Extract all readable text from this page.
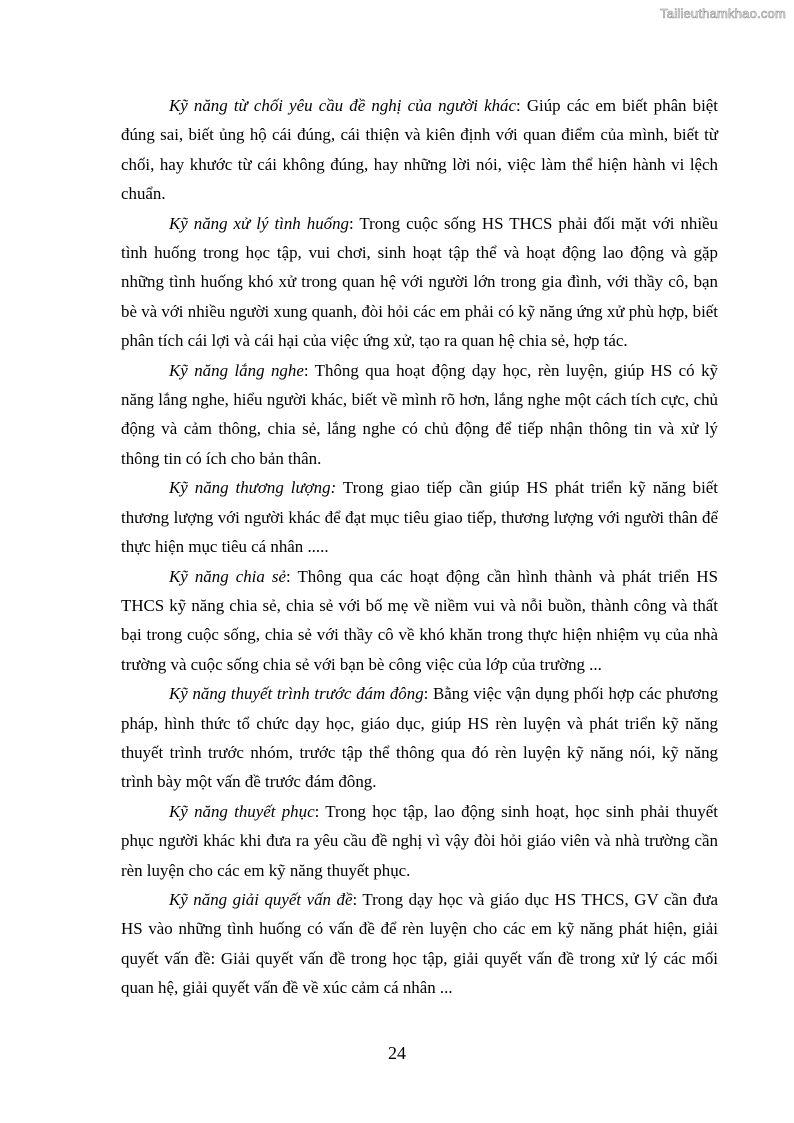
Tailieuthamkhao.com

Kỹ năng từ chối yêu cầu đề nghị của người khác: Giúp các em biết phân biệt đúng sai, biết ủng hộ cái đúng, cái thiện và kiên định với quan điểm của mình, biết từ chối, hay khước từ cái không đúng, hay những lời nói, việc làm thể hiện hành vi lệch chuẩn.

Kỹ năng xử lý tình huống: Trong cuộc sống HS THCS phải đối mặt với nhiều tình huống trong học tập, vui chơi, sinh hoạt tập thể và hoạt động lao động và gặp những tình huống khó xử trong quan hệ với người lớn trong gia đình, với thầy cô, bạn bè và với nhiều người xung quanh, đòi hỏi các em phải có kỹ năng ứng xử phù hợp, biết phân tích cái lợi và cái hại của việc ứng xử, tạo ra quan hệ chia sẻ, hợp tác.

Kỹ năng lắng nghe: Thông qua hoạt động dạy học, rèn luyện, giúp HS có kỹ năng lắng nghe, hiểu người khác, biết về mình rõ hơn, lắng nghe một cách tích cực, chủ động và cảm thông, chia sẻ, lắng nghe có chủ động để tiếp nhận thông tin và xử lý thông tin có ích cho bản thân.

Kỹ năng thương lượng: Trong giao tiếp cần giúp HS phát triển kỹ năng biết thương lượng với người khác để đạt mục tiêu giao tiếp, thương lượng với người thân để thực hiện mục tiêu cá nhân .....

Kỹ năng chia sẻ: Thông qua các hoạt động cần hình thành và phát triển HS THCS kỹ năng chia sẻ, chia sẻ với bố mẹ về niềm vui và nỗi buồn, thành công và thất bại trong cuộc sống, chia sẻ với thầy cô về khó khăn trong thực hiện nhiệm vụ của nhà trường và cuộc sống chia sẻ với bạn bè công việc của lớp của trường ...

Kỹ năng thuyết trình trước đám đông: Bằng việc vận dụng phối hợp các phương pháp, hình thức tổ chức dạy học, giáo dục, giúp HS rèn luyện và phát triển kỹ năng thuyết trình trước nhóm, trước tập thể thông qua đó rèn luyện kỹ năng nói, kỹ năng trình bày một vấn đề trước đám đông.

Kỹ năng thuyết phục: Trong học tập, lao động sinh hoạt, học sinh phải thuyết phục người khác khi đưa ra yêu cầu đề nghị vì vậy đòi hỏi giáo viên và nhà trường cần rèn luyện cho các em kỹ năng thuyết phục.

Kỹ năng giải quyết vấn đề: Trong dạy học và giáo dục HS THCS, GV cần đưa HS vào những tình huống có vấn đề để rèn luyện cho các em kỹ năng phát hiện, giải quyết vấn đề: Giải quyết vấn đề trong học tập, giải quyết vấn đề trong xử lý các mối quan hệ, giải quyết vấn đề về xúc cảm cá nhân ...

24
